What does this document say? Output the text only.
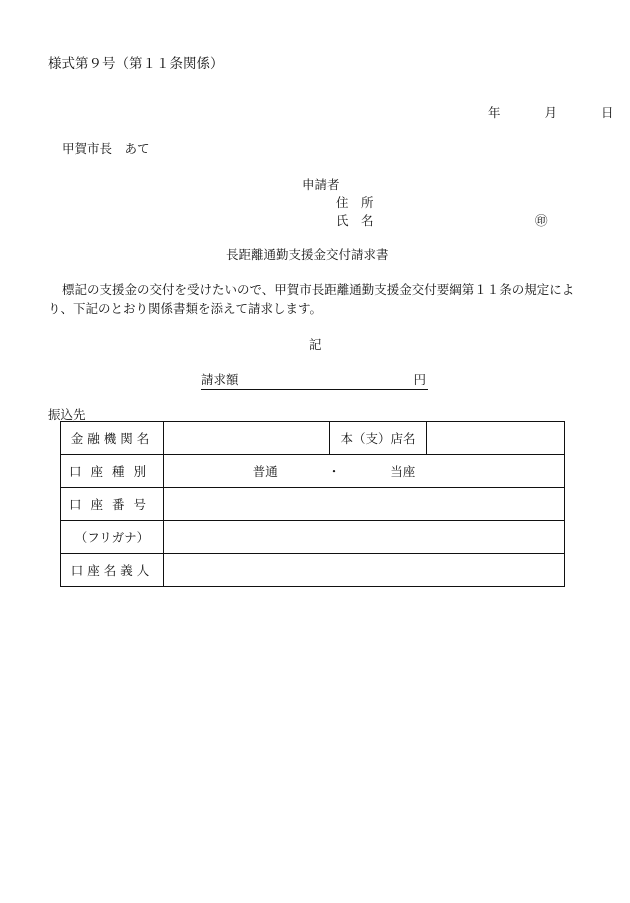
様式第９号（第１１条関係）
年	月	日
甲賀市長　あて
申請者
住　所
氏　名	㊞
長距離通勤支援金交付請求書
標記の支援金の交付を受けたいので、甲賀市長距離通勤支援金交付要綱第１１条の規定により、下記のとおり関係書類を添えて請求します。
記
請求額	円
振込先
金融機関名		本（支）店名	
口座種別	普通　　　　・　　　　当座		
口座番号			
（フリガナ）			
口座名義人			
